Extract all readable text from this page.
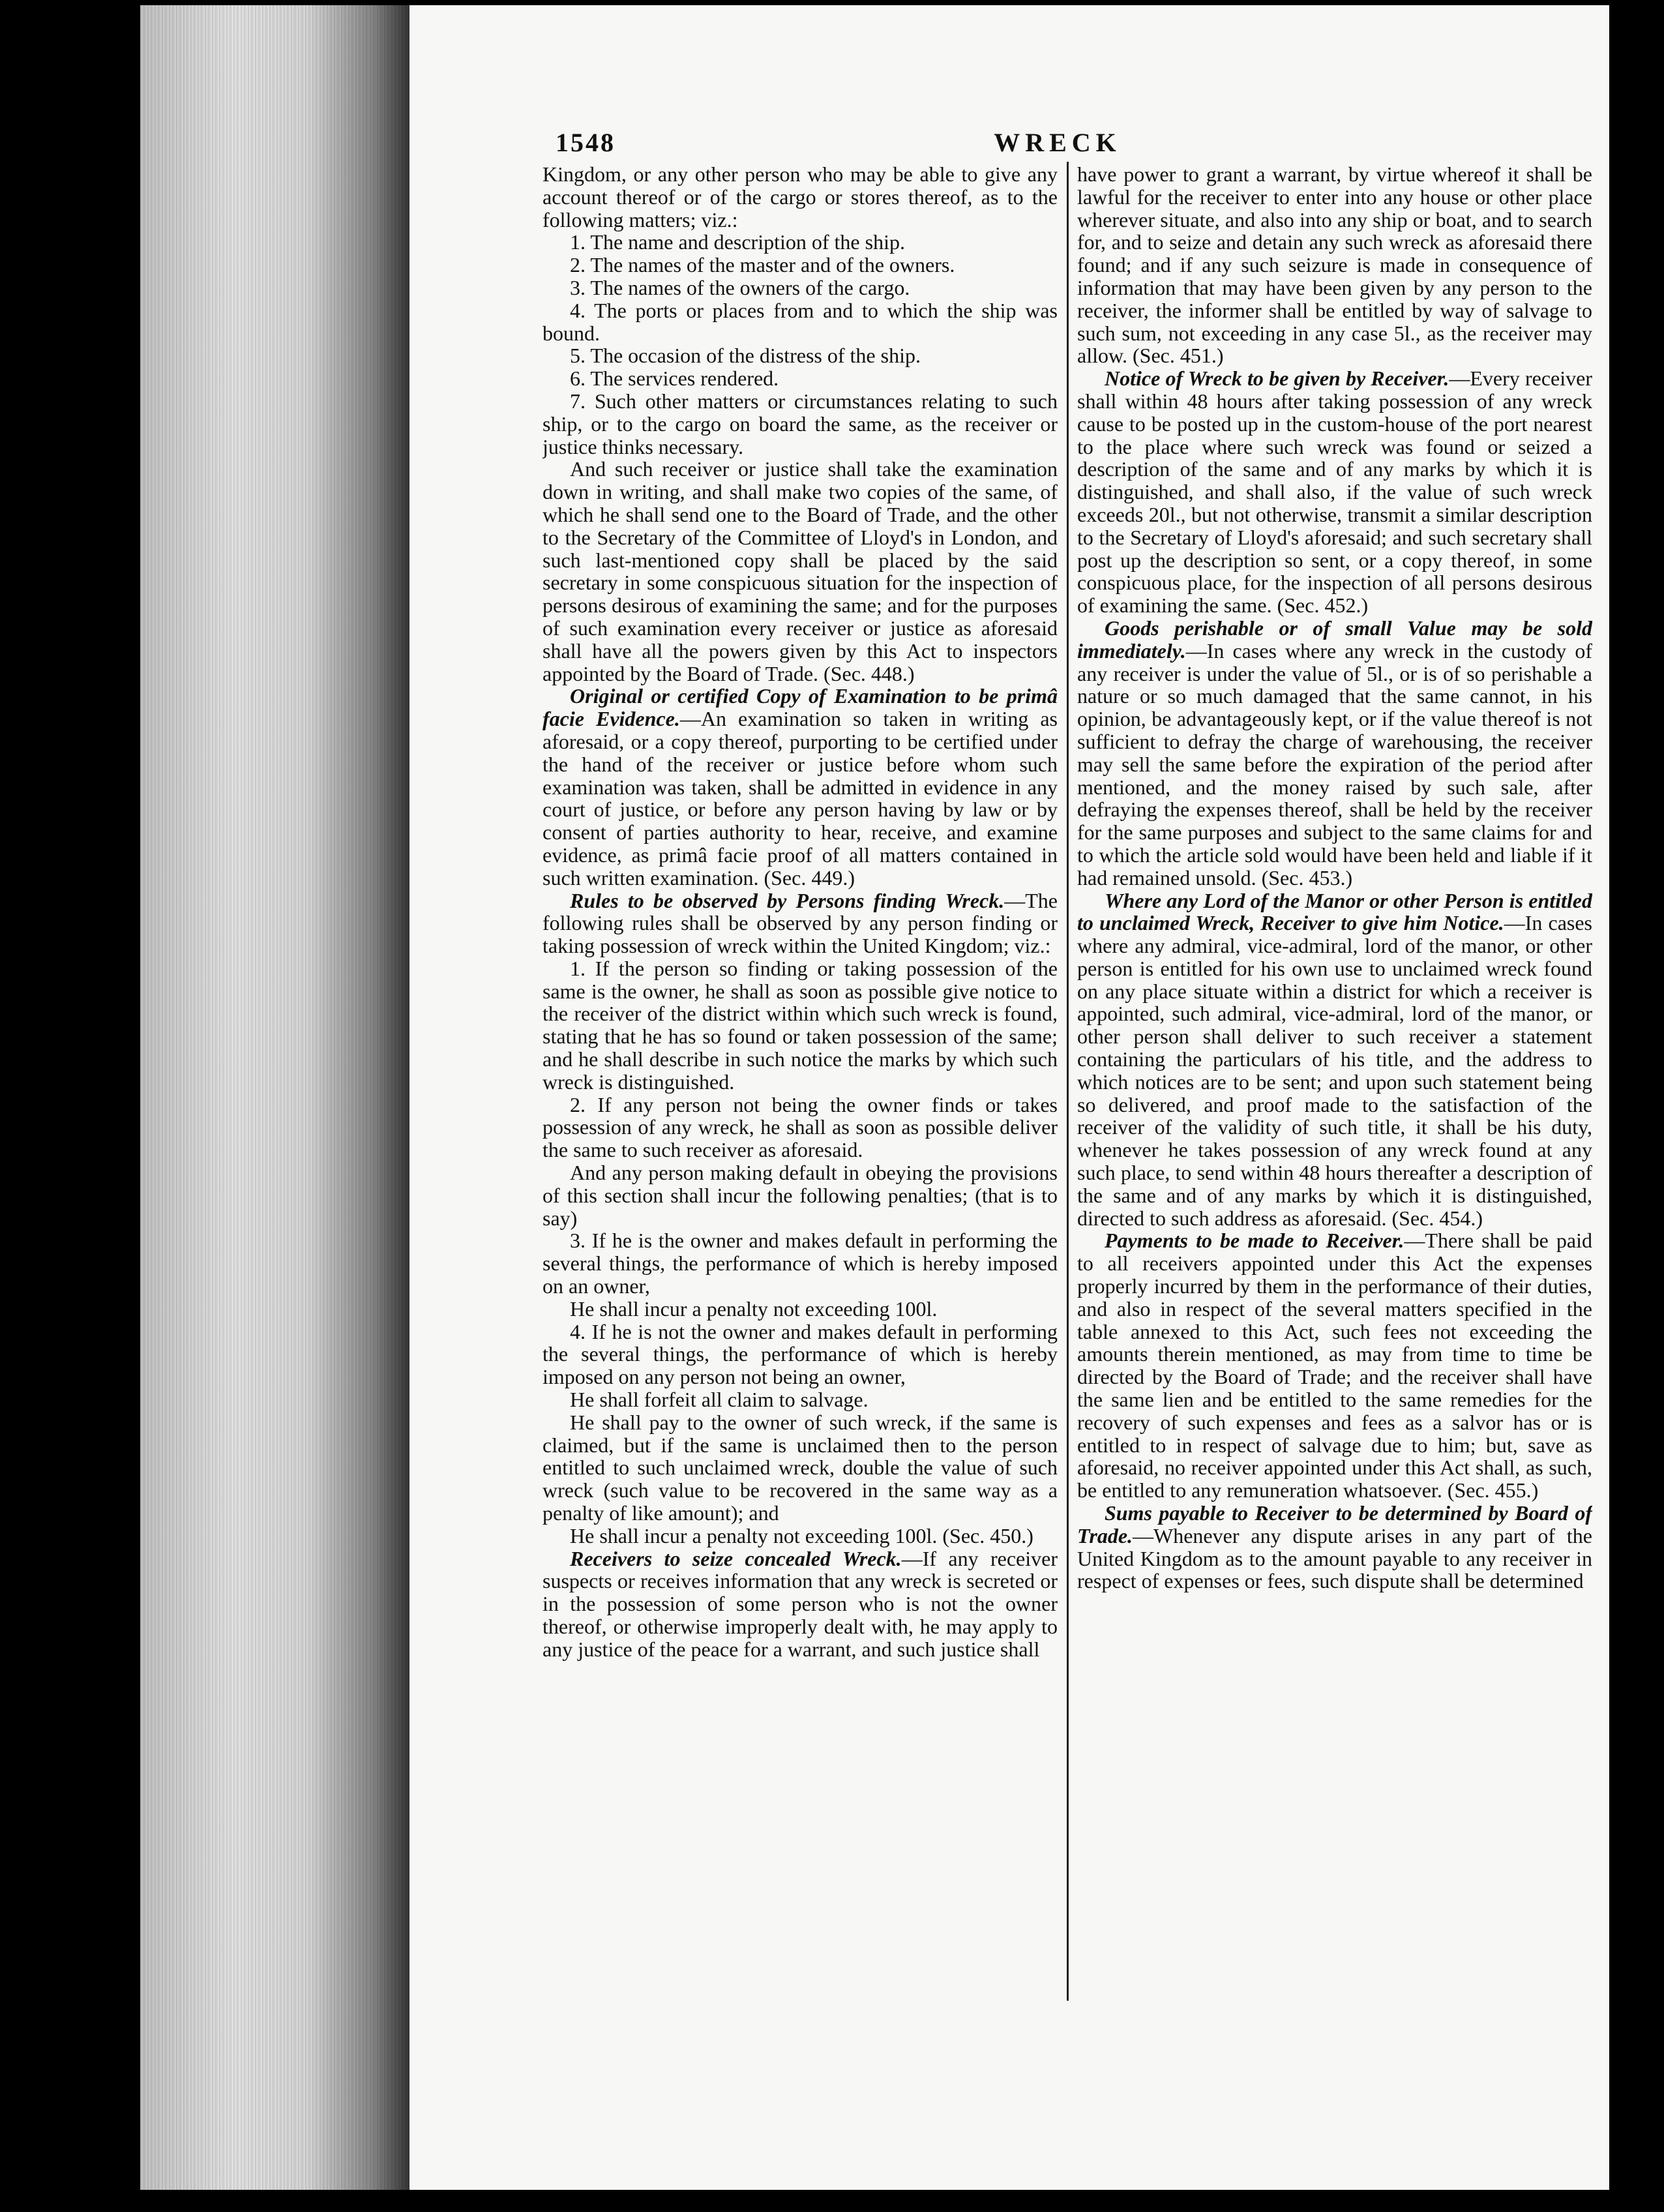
1548	WRECK

Kingdom, or any other person who may be able to give any account thereof or of the cargo or stores thereof, as to the following matters; viz.:

1. The name and description of the ship.

2. The names of the master and of the owners.

3. The names of the owners of the cargo.

4. The ports or places from and to which the ship was bound.

5. The occasion of the distress of the ship.

6. The services rendered.

7. Such other matters or circumstances relating to such ship, or to the cargo on board the same, as the receiver or justice thinks necessary.

And such receiver or justice shall take the examination down in writing, and shall make two copies of the same, of which he shall send one to the Board of Trade, and the other to the Secretary of the Committee of Lloyd's in London, and such last-mentioned copy shall be placed by the said secretary in some conspicuous situation for the inspection of persons desirous of examining the same; and for the purposes of such examination every receiver or justice as aforesaid shall have all the powers given by this Act to inspectors appointed by the Board of Trade. (Sec. 448.)

Original or certified Copy of Examination to be primâ facie Evidence.—An examination so taken in writing as aforesaid, or a copy thereof, purporting to be certified under the hand of the receiver or justice before whom such examination was taken, shall be admitted in evidence in any court of justice, or before any person having by law or by consent of parties authority to hear, receive, and examine evidence, as primâ facie proof of all matters contained in such written examination. (Sec. 449.)

Rules to be observed by Persons finding Wreck.—The following rules shall be observed by any person finding or taking possession of wreck within the United Kingdom; viz.:

1. If the person so finding or taking possession of the same is the owner, he shall as soon as possible give notice to the receiver of the district within which such wreck is found, stating that he has so found or taken possession of the same; and he shall describe in such notice the marks by which such wreck is distinguished.

2. If any person not being the owner finds or takes possession of any wreck, he shall as soon as possible deliver the same to such receiver as aforesaid.

And any person making default in obeying the provisions of this section shall incur the following penalties; (that is to say)

3. If he is the owner and makes default in performing the several things, the performance of which is hereby imposed on an owner,

He shall incur a penalty not exceeding 100l.

4. If he is not the owner and makes default in performing the several things, the performance of which is hereby imposed on any person not being an owner,

He shall forfeit all claim to salvage.

He shall pay to the owner of such wreck, if the same is claimed, but if the same is unclaimed then to the person entitled to such unclaimed wreck, double the value of such wreck (such value to be recovered in the same way as a penalty of like amount); and

He shall incur a penalty not exceeding 100l. (Sec. 450.)

Receivers to seize concealed Wreck.—If any receiver suspects or receives information that any wreck is secreted or in the possession of some person who is not the owner thereof, or otherwise improperly dealt with, he may apply to any justice of the peace for a warrant, and such justice shall

have power to grant a warrant, by virtue whereof it shall be lawful for the receiver to enter into any house or other place wherever situate, and also into any ship or boat, and to search for, and to seize and detain any such wreck as aforesaid there found; and if any such seizure is made in consequence of information that may have been given by any person to the receiver, the informer shall be entitled by way of salvage to such sum, not exceeding in any case 5l., as the receiver may allow. (Sec. 451.)

Notice of Wreck to be given by Receiver.—Every receiver shall within 48 hours after taking possession of any wreck cause to be posted up in the custom-house of the port nearest to the place where such wreck was found or seized a description of the same and of any marks by which it is distinguished, and shall also, if the value of such wreck exceeds 20l., but not otherwise, transmit a similar description to the Secretary of Lloyd's aforesaid; and such secretary shall post up the description so sent, or a copy thereof, in some conspicuous place, for the inspection of all persons desirous of examining the same. (Sec. 452.)

Goods perishable or of small Value may be sold immediately.—In cases where any wreck in the custody of any receiver is under the value of 5l., or is of so perishable a nature or so much damaged that the same cannot, in his opinion, be advantageously kept, or if the value thereof is not sufficient to defray the charge of warehousing, the receiver may sell the same before the expiration of the period after mentioned, and the money raised by such sale, after defraying the expenses thereof, shall be held by the receiver for the same purposes and subject to the same claims for and to which the article sold would have been held and liable if it had remained unsold. (Sec. 453.)

Where any Lord of the Manor or other Person is entitled to unclaimed Wreck, Receiver to give him Notice.—In cases where any admiral, vice-admiral, lord of the manor, or other person is entitled for his own use to unclaimed wreck found on any place situate within a district for which a receiver is appointed, such admiral, vice-admiral, lord of the manor, or other person shall deliver to such receiver a statement containing the particulars of his title, and the address to which notices are to be sent; and upon such statement being so delivered, and proof made to the satisfaction of the receiver of the validity of such title, it shall be his duty, whenever he takes possession of any wreck found at any such place, to send within 48 hours thereafter a description of the same and of any marks by which it is distinguished, directed to such address as aforesaid. (Sec. 454.)

Payments to be made to Receiver.—There shall be paid to all receivers appointed under this Act the expenses properly incurred by them in the performance of their duties, and also in respect of the several matters specified in the table annexed to this Act, such fees not exceeding the amounts therein mentioned, as may from time to time be directed by the Board of Trade; and the receiver shall have the same lien and be entitled to the same remedies for the recovery of such expenses and fees as a salvor has or is entitled to in respect of salvage due to him; but, save as aforesaid, no receiver appointed under this Act shall, as such, be entitled to any remuneration whatsoever. (Sec. 455.)

Sums payable to Receiver to be determined by Board of Trade.—Whenever any dispute arises in any part of the United Kingdom as to the amount payable to any receiver in respect of expenses or fees, such dispute shall be determined
